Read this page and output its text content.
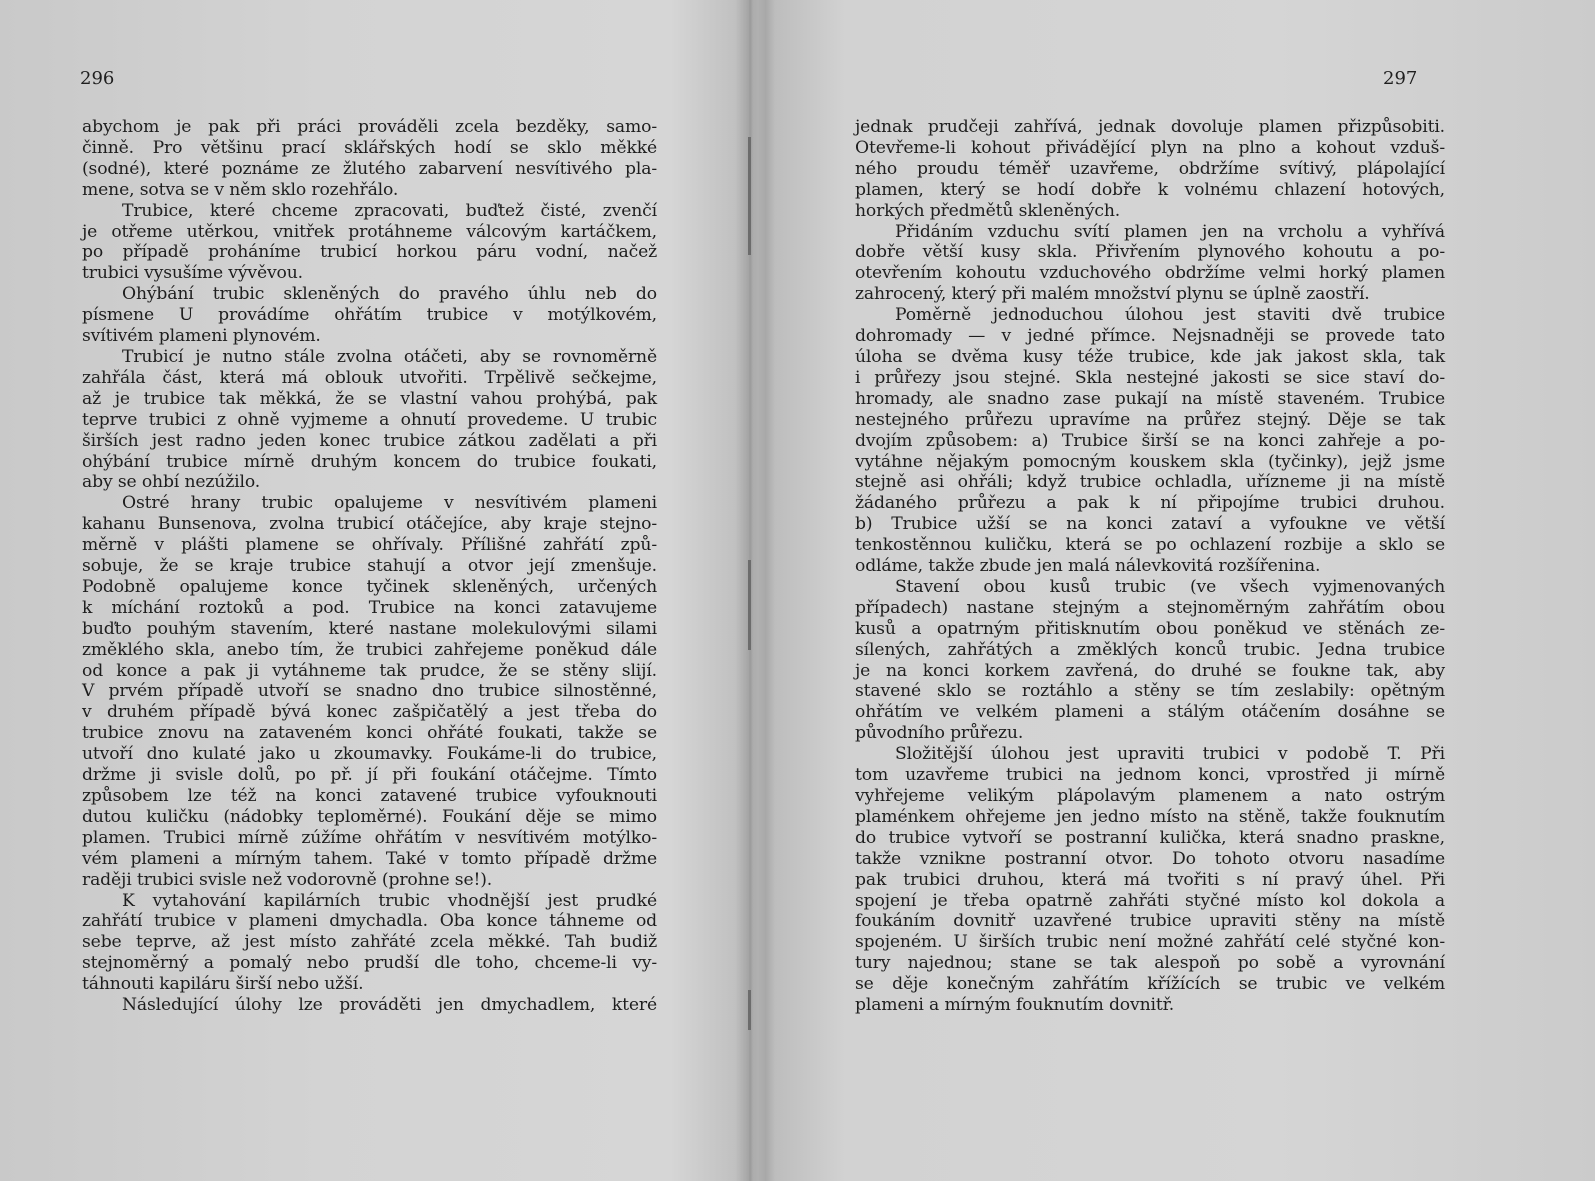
296
abychom je pak při práci prováděli zcela bezděky, samo-
činně. Pro většinu prací sklářských hodí se sklo měkké
(sodné), které poznáme ze žlutého zabarvení nesvítivého pla-
mene, sotva se v něm sklo rozehřálo.
Trubice, které chceme zpracovati, buďtež čisté, zvenčí
je otřeme utěrkou, vnitřek protáhneme válcovým kartáčkem,
po případě proháníme trubicí horkou páru vodní, načež
trubici vysušíme vývěvou.
Ohýbání trubic skleněných do pravého úhlu neb do
písmene U provádíme ohřátím trubice v motýlkovém,
svítivém plameni plynovém.
Trubicí je nutno stále zvolna otáčeti, aby se rovnoměrně
zahřála část, která má oblouk utvořiti. Trpělivě sečkejme,
až je trubice tak měkká, že se vlastní vahou prohýbá, pak
teprve trubici z ohně vyjmeme a ohnutí provedeme. U trubic
širších jest radno jeden konec trubice zátkou zadělati a při
ohýbání trubice mírně druhým koncem do trubice foukati,
aby se ohbí nezúžilo.
Ostré hrany trubic opalujeme v nesvítivém plameni
kahanu Bunsenova, zvolna trubicí otáčejíce, aby kraje stejno-
měrně v plášti plamene se ohřívaly. Přílišné zahřátí způ-
sobuje, že se kraje trubice stahují a otvor její zmenšuje.
Podobně opalujeme konce tyčinek skleněných, určených
k míchání roztoků a pod. Trubice na konci zatavujeme
buďto pouhým stavením, které nastane molekulovými silami
změklého skla, anebo tím, že trubici zahřejeme poněkud dále
od konce a pak ji vytáhneme tak prudce, že se stěny slijí.
V prvém případě utvoří se snadno dno trubice silnostěnné,
v druhém případě bývá konec zašpičatělý a jest třeba do
trubice znovu na zataveném konci ohřáté foukati, takže se
utvoří dno kulaté jako u zkoumavky. Foukáme-li do trubice,
držme ji svisle dolů, po př. jí při foukání otáčejme. Tímto
způsobem lze též na konci zatavené trubice vyfouknouti
dutou kuličku (nádobky teploměrné). Foukání děje se mimo
plamen. Trubici mírně zúžíme ohřátím v nesvítivém motýlko-
vém plameni a mírným tahem. Také v tomto případě držme
raději trubici svisle než vodorovně (prohne se!).
K vytahování kapilárních trubic vhodnější jest prudké
zahřátí trubice v plameni dmychadla. Oba konce táhneme od
sebe teprve, až jest místo zahřáté zcela měkké. Tah budiž
stejnoměrný a pomalý nebo prudší dle toho, chceme-li vy-
táhnouti kapiláru širší nebo užší.
Následující úlohy lze prováděti jen dmychadlem, které
297
jednak prudčeji zahřívá, jednak dovoluje plamen přizpůsobiti.
Otevřeme-li kohout přivádějící plyn na plno a kohout vzduš-
ného proudu téměř uzavřeme, obdržíme svítivý, plápolající
plamen, který se hodí dobře k volnému chlazení hotových,
horkých předmětů skleněných.
Přidáním vzduchu svítí plamen jen na vrcholu a vyhřívá
dobře větší kusy skla. Přivřením plynového kohoutu a po-
otevřením kohoutu vzduchového obdržíme velmi horký plamen
zahrocený, který při malém množství plynu se úplně zaostří.
Poměrně jednoduchou úlohou jest staviti dvě trubice
dohromady — v jedné přímce. Nejsnadněji se provede tato
úloha se dvěma kusy téže trubice, kde jak jakost skla, tak
i průřezy jsou stejné. Skla nestejné jakosti se sice staví do-
hromady, ale snadno zase pukají na místě staveném. Trubice
nestejného průřezu upravíme na průřez stejný. Děje se tak
dvojím způsobem: a) Trubice širší se na konci zahřeje a po-
vytáhne nějakým pomocným kouskem skla (tyčinky), jejž jsme
stejně asi ohřáli; když trubice ochladla, uřízneme ji na místě
žádaného průřezu a pak k ní připojíme trubici druhou.
b) Trubice užší se na konci zataví a vyfoukne ve větší
tenkostěnnou kuličku, která se po ochlazení rozbije a sklo se
odláme, takže zbude jen malá nálevkovitá rozšířenina.
Stavení obou kusů trubic (ve všech vyjmenovaných
případech) nastane stejným a stejnoměrným zahřátím obou
kusů a opatrným přitisknutím obou poněkud ve stěnách ze-
sílených, zahřátých a změklých konců trubic. Jedna trubice
je na konci korkem zavřená, do druhé se foukne tak, aby
stavené sklo se roztáhlo a stěny se tím zeslabily: opětným
ohřátím ve velkém plameni a stálým otáčením dosáhne se
původního průřezu.
Složitější úlohou jest upraviti trubici v podobě T. Při
tom uzavřeme trubici na jednom konci, vprostřed ji mírně
vyhřejeme velikým plápolavým plamenem a nato ostrým
plaménkem ohřejeme jen jedno místo na stěně, takže fouknutím
do trubice vytvoří se postranní kulička, která snadno praskne,
takže vznikne postranní otvor. Do tohoto otvoru nasadíme
pak trubici druhou, která má tvořiti s ní pravý úhel. Při
spojení je třeba opatrně zahřáti styčné místo kol dokola a
foukáním dovnitř uzavřené trubice upraviti stěny na místě
spojeném. U širších trubic není možné zahřátí celé styčné kon-
tury najednou; stane se tak alespoň po sobě a vyrovnání
se děje konečným zahřátím křížících se trubic ve velkém
plameni a mírným fouknutím dovnitř.
